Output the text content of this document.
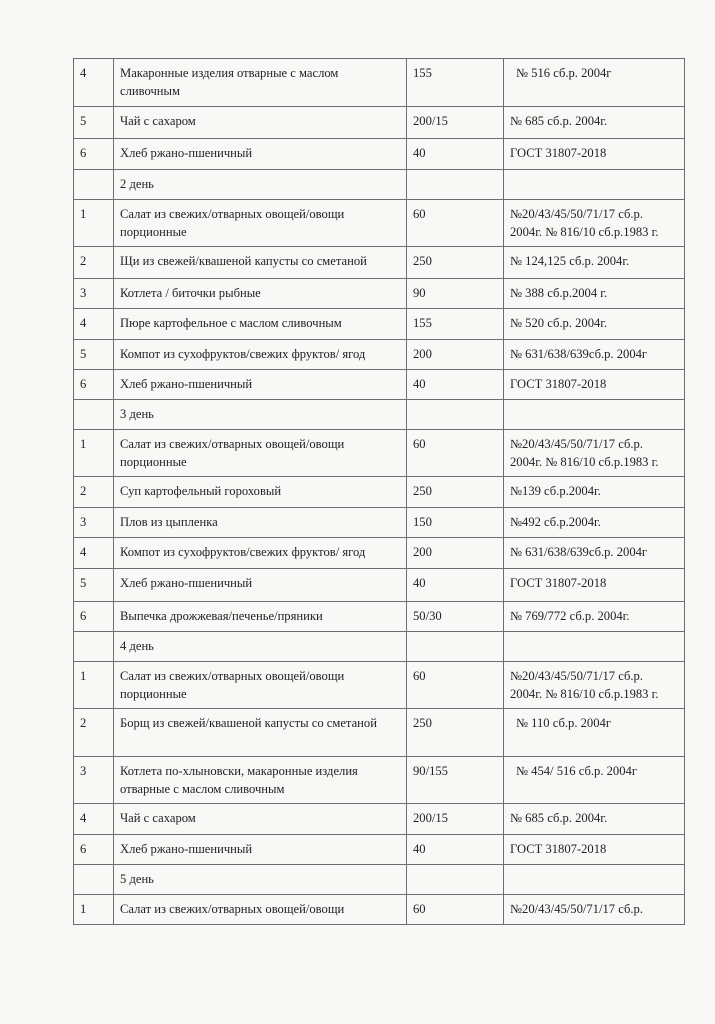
4	Макаронные изделия отварные с маслом сливочным	155	№ 516 сб.р. 2004г
5	Чай с сахаром	200/15	№ 685 сб.р. 2004г.
6	Хлеб ржано-пшеничный	40	ГОСТ 31807-2018
	2 день		
1	Салат из свежих/отварных овощей/овощи порционные	60	№20/43/45/50/71/17 сб.р. 2004г. № 816/10 сб.р.1983 г.
2	Щи из свежей/квашеной капусты со сметаной	250	№ 124,125 сб.р. 2004г.
3	Котлета / биточки рыбные	90	№ 388 сб.р.2004 г.
4	Пюре картофельное с маслом сливочным	155	№ 520 сб.р. 2004г.
5	Компот из сухофруктов/свежих фруктов/ ягод	200	№ 631/638/639сб.р. 2004г
6	Хлеб ржано-пшеничный	40	ГОСТ 31807-2018
	3 день		
1	Салат из свежих/отварных овощей/овощи порционные	60	№20/43/45/50/71/17 сб.р. 2004г. № 816/10 сб.р.1983 г.
2	Суп картофельный гороховый	250	№139 сб.р.2004г.
3	Плов из цыпленка	150	№492 сб.р.2004г.
4	Компот из сухофруктов/свежих фруктов/ ягод	200	№ 631/638/639сб.р. 2004г
5	Хлеб ржано-пшеничный	40	ГОСТ 31807-2018
6	Выпечка дрожжевая/печенье/пряники	50/30	№ 769/772 сб.р. 2004г.
	4 день		
1	Салат из свежих/отварных овощей/овощи порционные	60	№20/43/45/50/71/17 сб.р. 2004г. № 816/10 сб.р.1983 г.
2	Борщ из свежей/квашеной капусты со сметаной	250	№ 110 сб.р. 2004г
3	Котлета по-хлыновски, макаронные изделия отварные с маслом сливочным	90/155	№ 454/ 516 сб.р. 2004г
4	Чай с сахаром	200/15	№ 685 сб.р. 2004г.
6	Хлеб ржано-пшеничный	40	ГОСТ 31807-2018
	5 день		
1	Салат из свежих/отварных овощей/овощи	60	№20/43/45/50/71/17 сб.р.
